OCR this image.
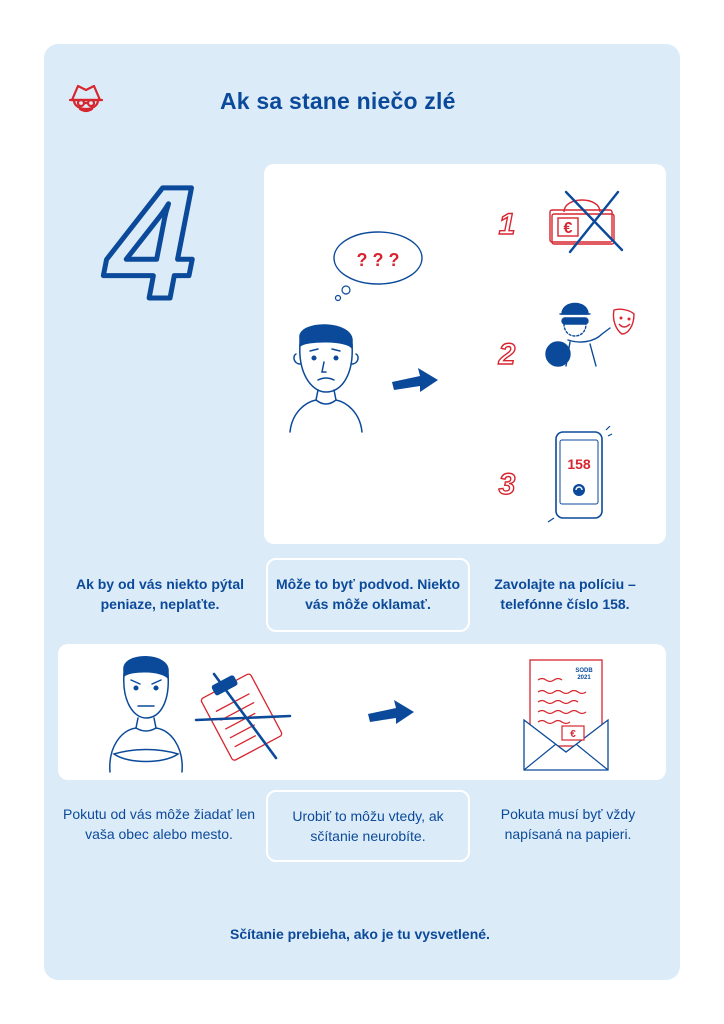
Ak sa stane niečo zlé
4	? ? ?
1
2
3
€
158
SODB
2021
€
Ak by od vás niekto pýtal peniaze, neplaťte.
Môže to byť podvod. Niekto vás môže oklamať.
Zavolajte na políciu – telefónne číslo 158.
Pokutu od vás môže žiadať len vaša obec alebo mesto.
Urobiť to môžu vtedy, ak sčítanie neurobíte.
Pokuta musí byť vždy napísaná na papieri.
Sčítanie prebieha, ako je tu vysvetlené.
